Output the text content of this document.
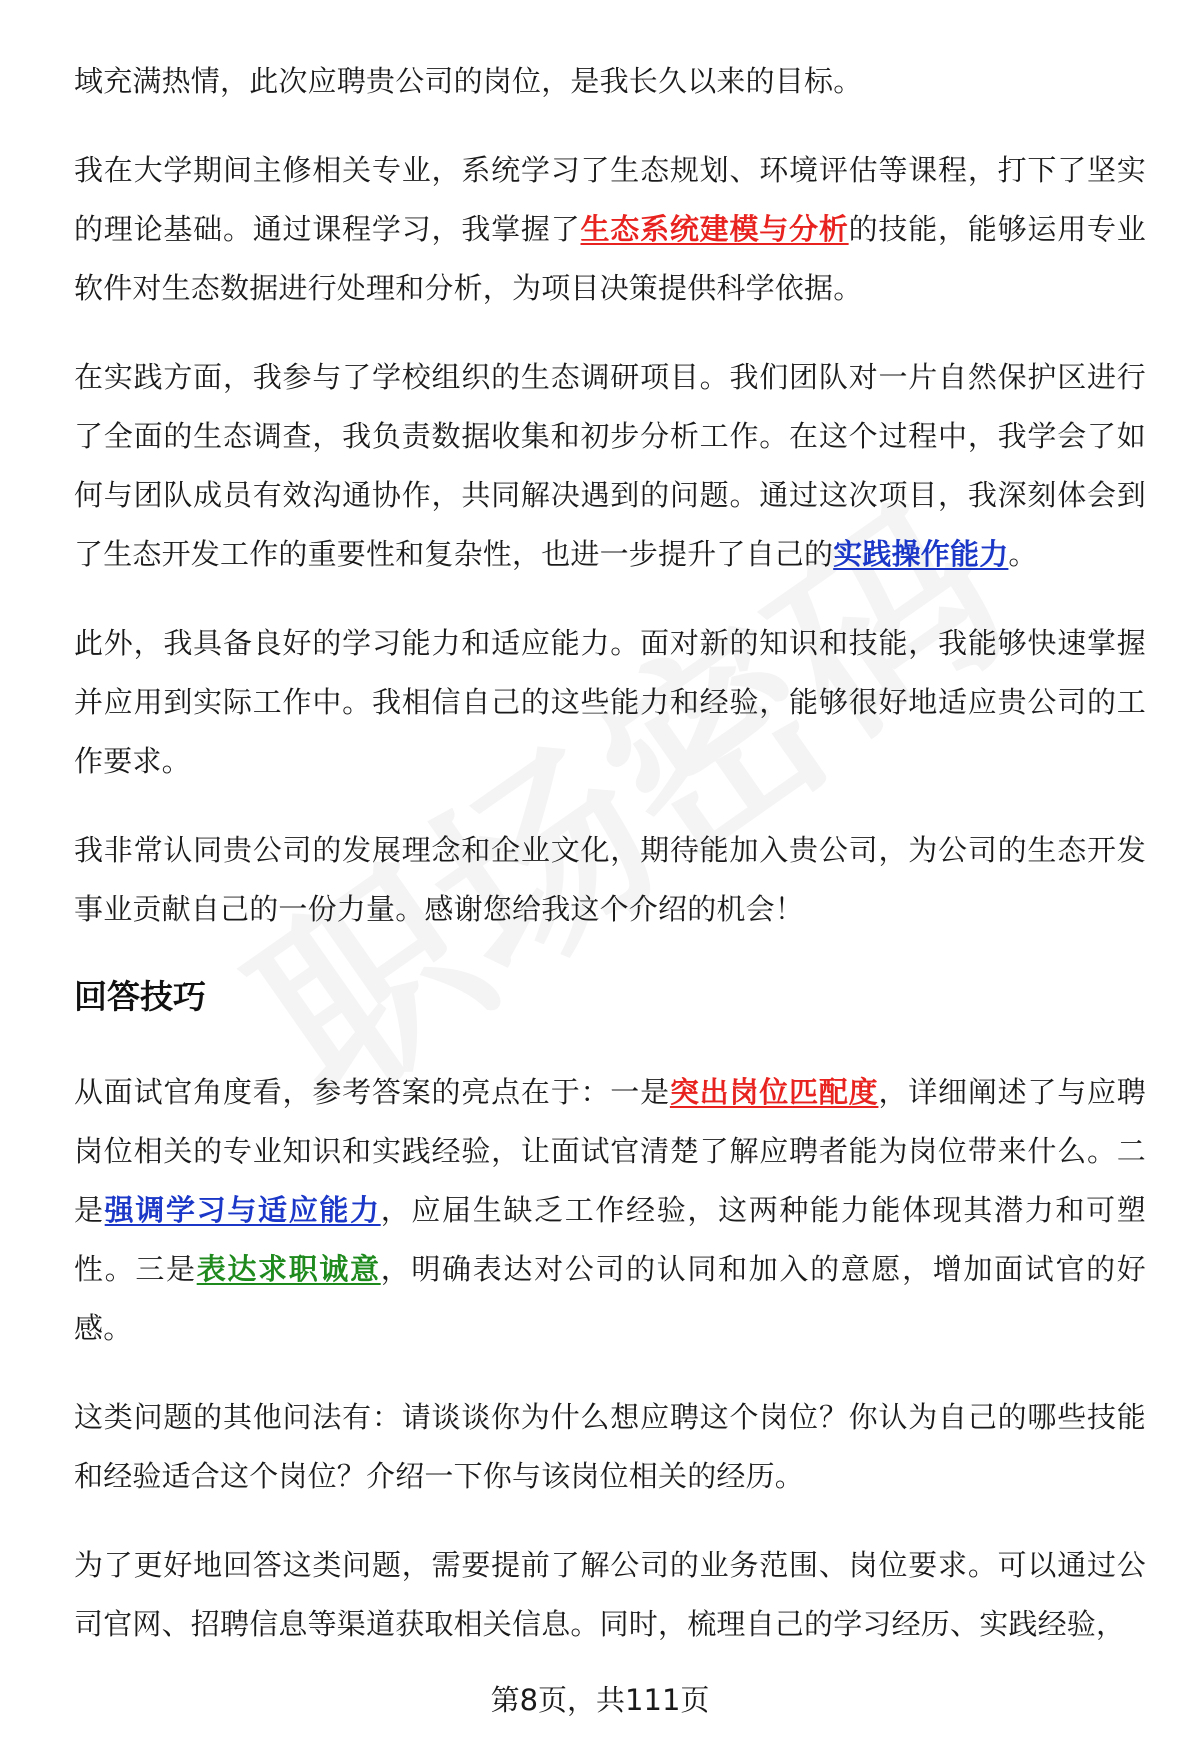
域充满热情，此次应聘贵公司的岗位，是我长久以来的目标。

我在大学期间主修相关专业，系统学习了生态规划、环境评估等课程，打下了坚实的理论基础。通过课程学习，我掌握了生态系统建模与分析的技能，能够运用专业软件对生态数据进行处理和分析，为项目决策提供科学依据。

在实践方面，我参与了学校组织的生态调研项目。我们团队对一片自然保护区进行了全面的生态调查，我负责数据收集和初步分析工作。在这个过程中，我学会了如何与团队成员有效沟通协作，共同解决遇到的问题。通过这次项目，我深刻体会到了生态开发工作的重要性和复杂性，也进一步提升了自己的实践操作能力。

此外，我具备良好的学习能力和适应能力。面对新的知识和技能，我能够快速掌握并应用到实际工作中。我相信自己的这些能力和经验，能够很好地适应贵公司的工作要求。

我非常认同贵公司的发展理念和企业文化，期待能加入贵公司，为公司的生态开发事业贡献自己的一份力量。感谢您给我这个介绍的机会！

回答技巧

从面试官角度看，参考答案的亮点在于：一是突出岗位匹配度，详细阐述了与应聘岗位相关的专业知识和实践经验，让面试官清楚了解应聘者能为岗位带来什么。二是强调学习与适应能力，应届生缺乏工作经验，这两种能力能体现其潜力和可塑性。三是表达求职诚意，明确表达对公司的认同和加入的意愿，增加面试官的好感。

这类问题的其他问法有：请谈谈你为什么想应聘这个岗位？你认为自己的哪些技能和经验适合这个岗位？介绍一下你与该岗位相关的经历。

为了更好地回答这类问题，需要提前了解公司的业务范围、岗位要求。可以通过公司官网、招聘信息等渠道获取相关信息。同时，梳理自己的学习经历、实践经验，

第8页，共111页
